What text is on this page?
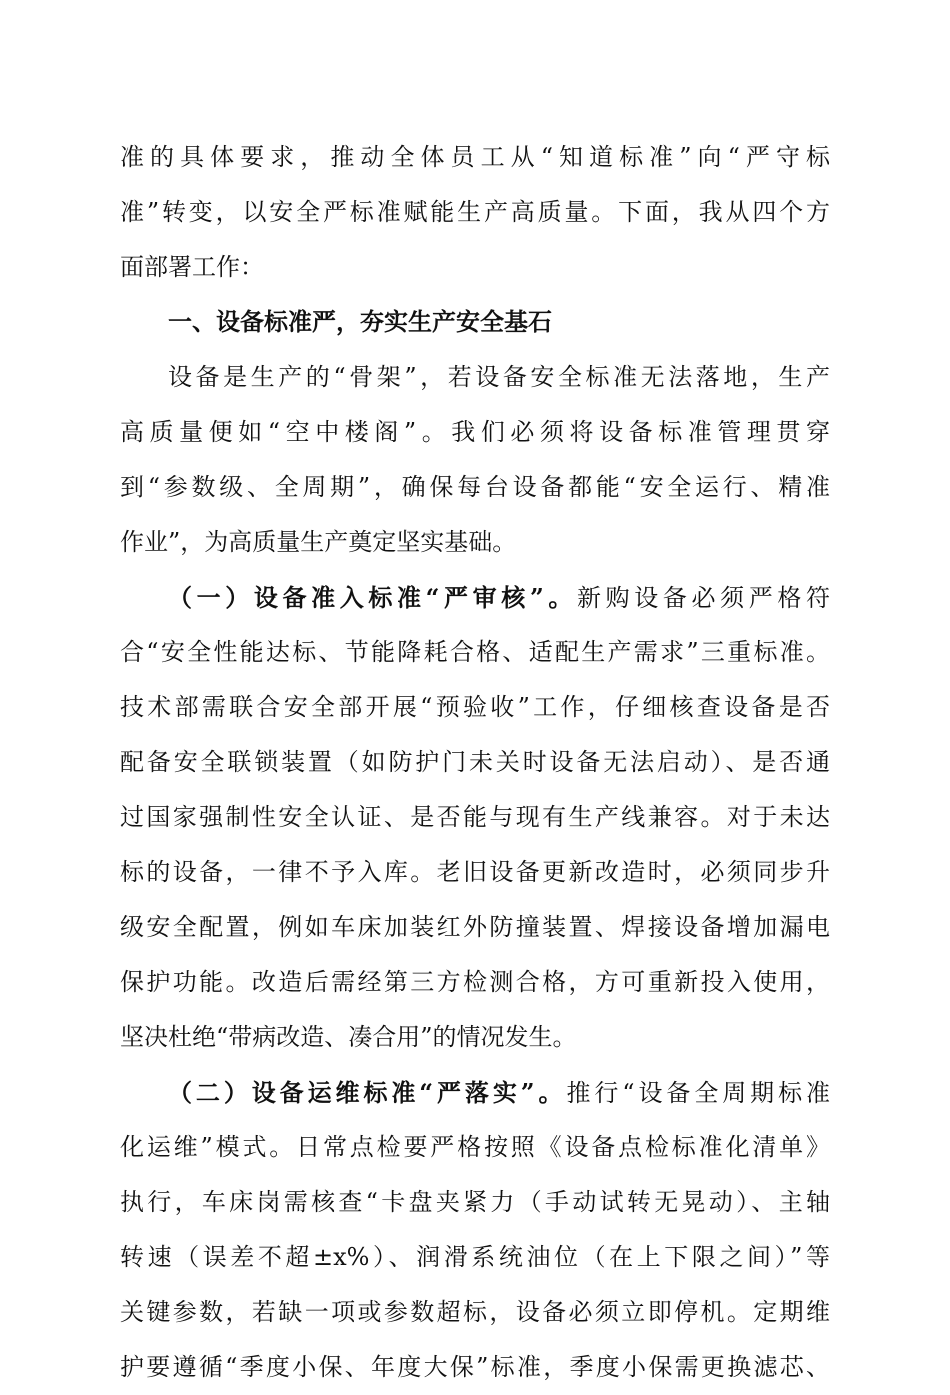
准的具体要求，推动全体员工从“知道标准”向“严守标
准”转变，以安全严标准赋能生产高质量。下面，我从四个方
面部署工作：
一、设备标准严，夯实生产安全基石
设备是生产的“骨架”，若设备安全标准无法落地，生产
高质量便如“空中楼阁”。我们必须将设备标准管理贯穿
到“参数级、全周期”，确保每台设备都能“安全运行、精准
作业”，为高质量生产奠定坚实基础。
（一）设备准入标准“严审核”。新购设备必须严格符
合“安全性能达标、节能降耗合格、适配生产需求”三重标准。
技术部需联合安全部开展“预验收”工作，仔细核查设备是否
配备安全联锁装置（如防护门未关时设备无法启动）、是否通
过国家强制性安全认证、是否能与现有生产线兼容。对于未达
标的设备，一律不予入库。老旧设备更新改造时，必须同步升
级安全配置，例如车床加装红外防撞装置、焊接设备增加漏电
保护功能。改造后需经第三方检测合格，方可重新投入使用，
坚决杜绝“带病改造、凑合用”的情况发生。
（二）设备运维标准“严落实”。推行“设备全周期标准
化运维”模式。日常点检要严格按照《设备点检标准化清单》
执行，车床岗需核查“卡盘夹紧力（手动试转无晃动）、主轴
转速（误差不超±x%）、润滑系统油位（在上下限之间）”等
关键参数，若缺一项或参数超标，设备必须立即停机。定期维
护要遵循“季度小保、年度大保”标准，季度小保需更换滤芯、
